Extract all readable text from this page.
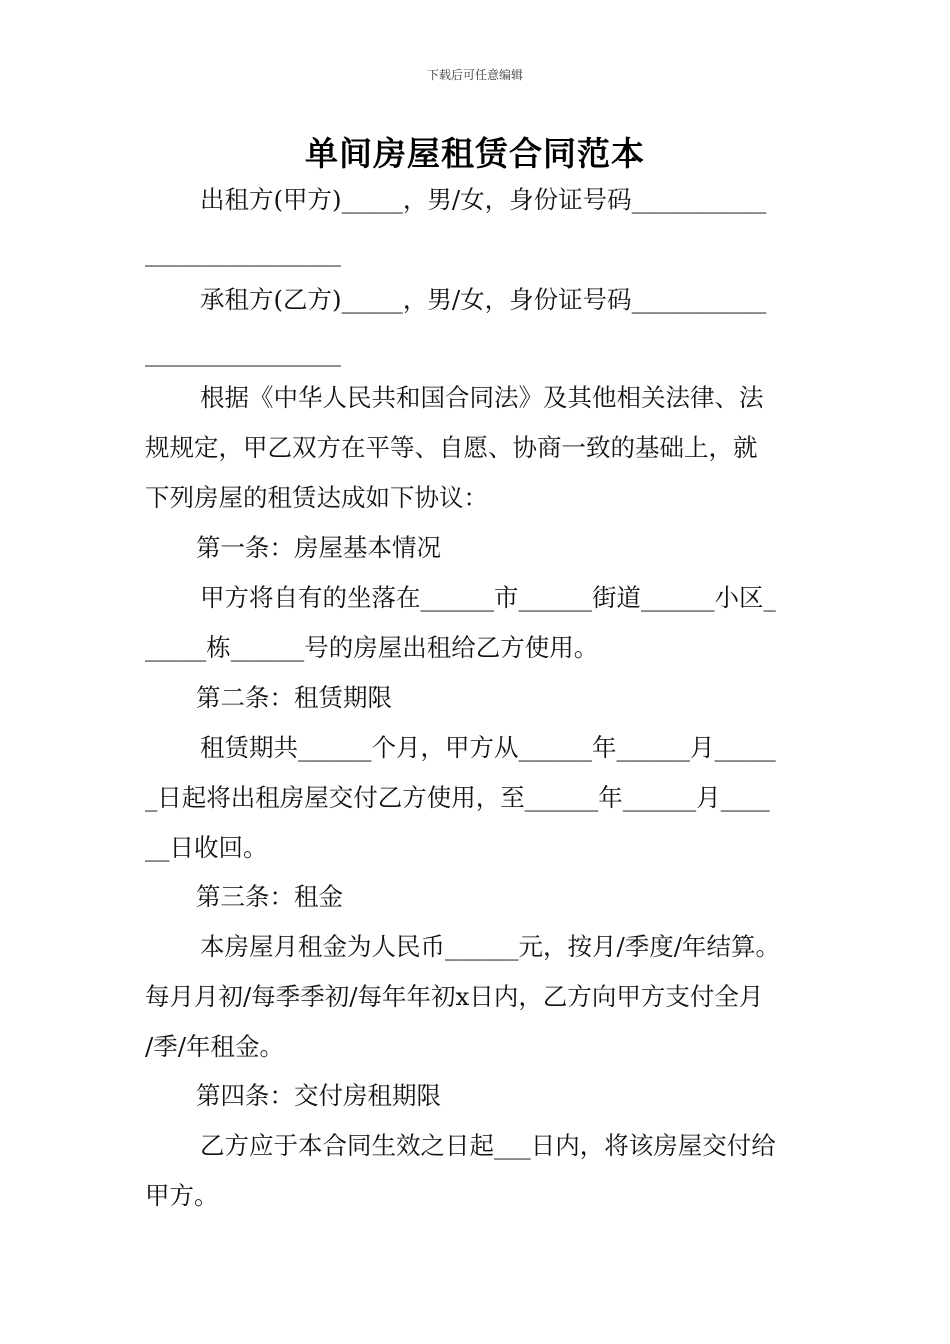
下载后可任意编辑
单间房屋租赁合同范本
出租方(甲方)_____，男/女，身份证号码___________
________________
承租方(乙方)_____，男/女，身份证号码___________
________________
根据《中华人民共和国合同法》及其他相关法律、法
规规定，甲乙双方在平等、自愿、协商一致的基础上，就
下列房屋的租赁达成如下协议：
第一条：房屋基本情况
甲方将自有的坐落在______市______街道______小区_
_____栋______号的房屋出租给乙方使用。
第二条：租赁期限
租赁期共______个月，甲方从______年______月_____
_日起将出租房屋交付乙方使用，至______年______月____
__日收回。
第三条：租金
本房屋月租金为人民币______元，按月/季度/年结算。
每月月初/每季季初/每年年初x日内，乙方向甲方支付全月
/季/年租金。
第四条：交付房租期限
乙方应于本合同生效之日起___日内，将该房屋交付给
甲方。
